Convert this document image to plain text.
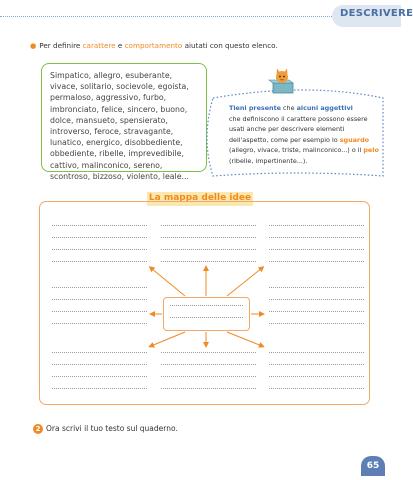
DESCRIVERE
● Per definire carattere e comportamento aiutati con questo elenco.

Simpatico, allegro, esuberante, vivace, solitario, socievole, egoista, permaloso, aggressivo, furbo, imbronciato, felice, sincero, buono, dolce, mansueto, spensierato, introverso, feroce, stravagante, lunatico, energico, disobbediente, obbediente, ribelle, imprevedibile, cattivo, malinconico, sereno, scontroso, bizzoso, violento, leale...

Tieni presente che alcuni aggettivi
che definiscono il carattere possono essere usati anche per descrivere elementi dell'aspetto, come per esempio lo sguardo (allegro, vivace, triste, malinconico...) o il pelo (ribelle, impertinente...).
La mappa delle idee
2 Ora scrivi il tuo testo sul quaderno.
65
